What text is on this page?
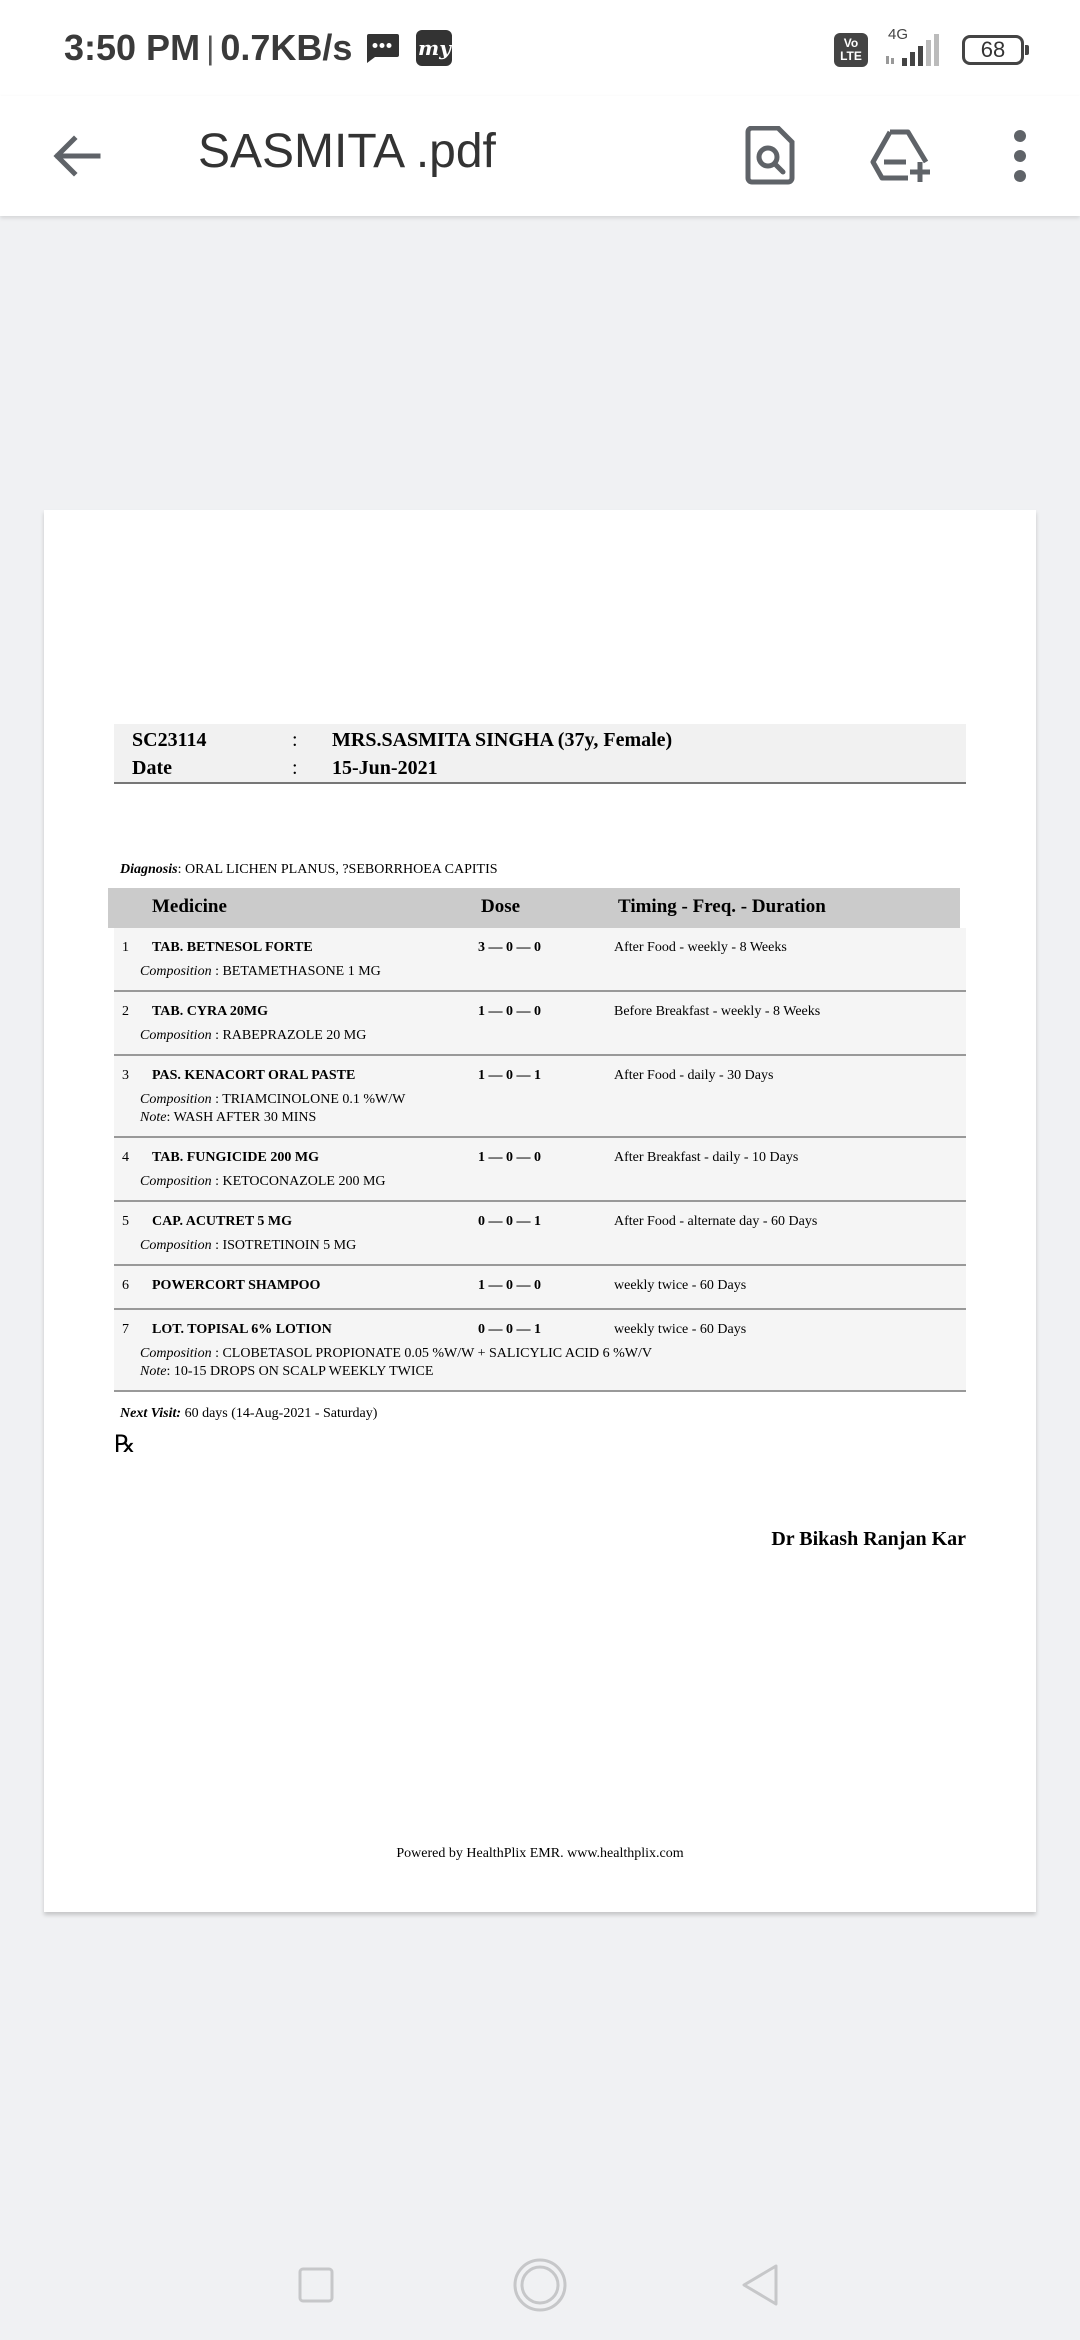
3:50 PM | 0.7KB/s	my	Vo
LTE
4G
68
SASMITA .pdf
SC23114	: MRS.SASMITA SINGHA (37y, Female)
Date	: 15-Jun-2021
Diagnosis: ORAL LICHEN PLANUS, ?SEBORRHOEA CAPITIS
Medicine	Dose	Timing - Freq. - Duration
1 TAB. BETNESOL FORTE	3 — 0 — 0	After Food - weekly - 8 Weeks
Composition : BETAMETHASONE 1 MG
2 TAB. CYRA 20MG	1 — 0 — 0	Before Breakfast - weekly - 8 Weeks
Composition : RABEPRAZOLE 20 MG
3 PAS. KENACORT ORAL PASTE	1 — 0 — 1	After Food - daily - 30 Days
Composition : TRIAMCINOLONE 0.1 %W/W
Note: WASH AFTER 30 MINS
4 TAB. FUNGICIDE 200 MG	1 — 0 — 0	After Breakfast - daily - 10 Days
Composition : KETOCONAZOLE 200 MG
5 CAP. ACUTRET 5 MG	0 — 0 — 1	After Food - alternate day - 60 Days
Composition : ISOTRETINOIN 5 MG
6 POWERCORT SHAMPOO	1 — 0 — 0	weekly twice - 60 Days
7 LOT. TOPISAL 6% LOTION	0 — 0 — 1	weekly twice - 60 Days
Composition : CLOBETASOL PROPIONATE 0.05 %W/W + SALICYLIC ACID 6 %W/V
Note: 10-15 DROPS ON SCALP WEEKLY TWICE
Next Visit: 60 days (14-Aug-2021 - Saturday)
℞
Dr Bikash Ranjan Kar
Powered by HealthPlix EMR. www.healthplix.com
